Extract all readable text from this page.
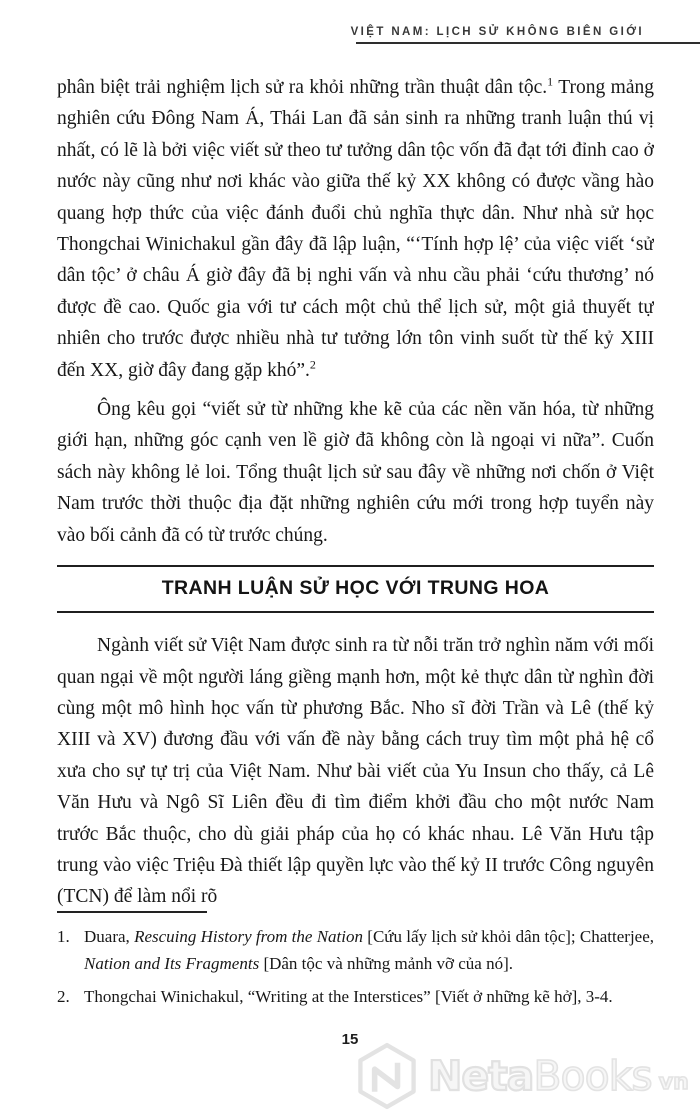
VIỆT NAM: LỊCH SỬ KHÔNG BIÊN GIỚI

phân biệt trải nghiệm lịch sử ra khỏi những trần thuật dân tộc.$^1$ Trong mảng nghiên cứu Đông Nam Á, Thái Lan đã sản sinh ra những tranh luận thú vị nhất, có lẽ là bởi việc viết sử theo tư tưởng dân tộc vốn đã đạt tới đỉnh cao ở nước này cũng như nơi khác vào giữa thế kỷ XX không có được vầng hào quang hợp thức của việc đánh đuổi chủ nghĩa thực dân. Như nhà sử học Thongchai Winichakul gần đây đã lập luận, “‘Tính hợp lệ’ của việc viết ‘sử dân tộc’ ở châu Á giờ đây đã bị nghi vấn và nhu cầu phải ‘cứu thương’ nó được đề cao. Quốc gia với tư cách một chủ thể lịch sử, một giả thuyết tự nhiên cho trước được nhiều nhà tư tưởng lớn tôn vinh suốt từ thế kỷ XIII đến XX, giờ đây đang gặp khó”.$^2$

Ông kêu gọi “viết sử từ những khe kẽ của các nền văn hóa, từ những giới hạn, những góc cạnh ven lề giờ đã không còn là ngoại vi nữa”. Cuốn sách này không lẻ loi. Tổng thuật lịch sử sau đây về những nơi chốn ở Việt Nam trước thời thuộc địa đặt những nghiên cứu mới trong hợp tuyển này vào bối cảnh đã có từ trước chúng.

TRANH LUẬN SỬ HỌC VỚI TRUNG HOA

Ngành viết sử Việt Nam được sinh ra từ nỗi trăn trở nghìn năm với mối quan ngại về một người láng giềng mạnh hơn, một kẻ thực dân từ nghìn đời cùng một mô hình học vấn từ phương Bắc. Nho sĩ đời Trần và Lê (thế kỷ XIII và XV) đương đầu với vấn đề này bằng cách truy tìm một phả hệ cổ xưa cho sự tự trị của Việt Nam. Như bài viết của Yu Insun cho thấy, cả Lê Văn Hưu và Ngô Sĩ Liên đều đi tìm điểm khởi đầu cho một nước Nam trước Bắc thuộc, cho dù giải pháp của họ có khác nhau. Lê Văn Hưu tập trung vào việc Triệu Đà thiết lập quyền lực vào thế kỷ II trước Công nguyên (TCN) để làm nổi rõ

1. Duara, Rescuing History from the Nation [Cứu lấy lịch sử khỏi dân tộc]; Chatterjee, Nation and Its Fragments [Dân tộc và những mảnh vỡ của nó].
2. Thongchai Winichakul, “Writing at the Interstices” [Viết ở những kẽ hở], 3-4.
15
Neta Books vn
